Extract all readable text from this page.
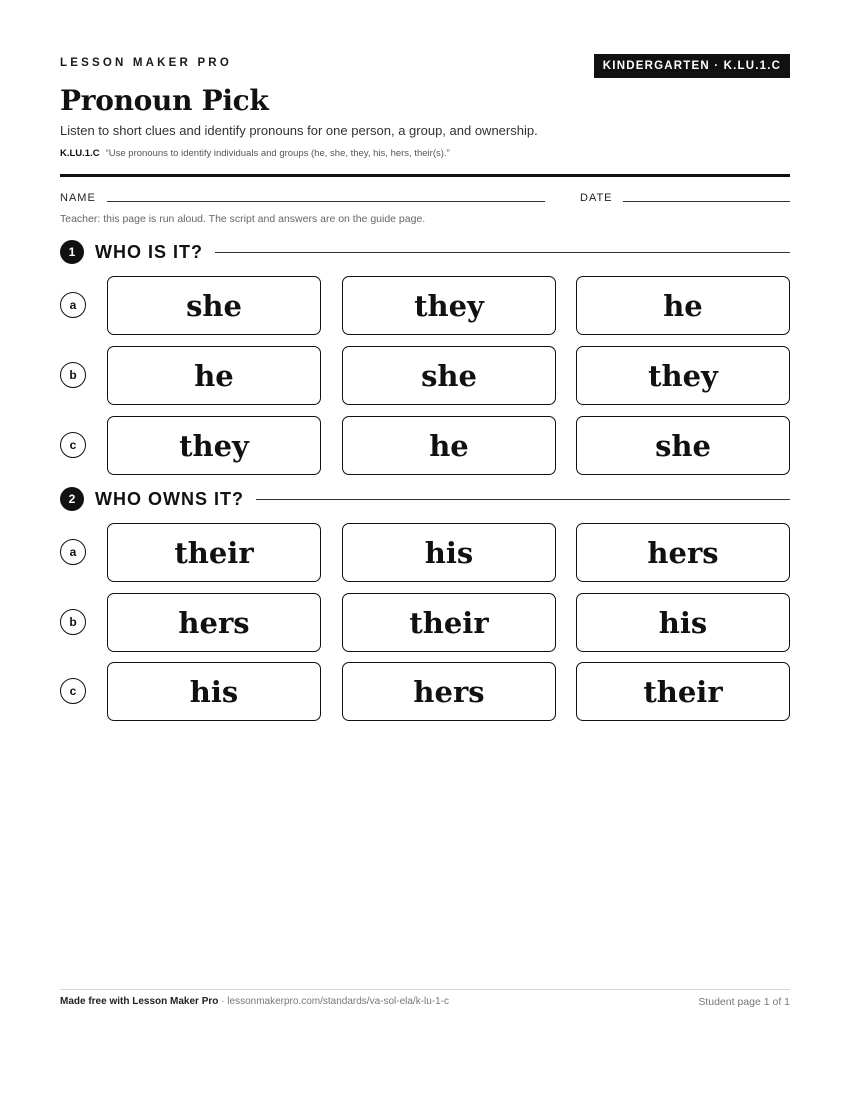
LESSON MAKER PRO	KINDERGARTEN · K.LU.1.C
Pronoun Pick
Listen to short clues and identify pronouns for one person, a group, and ownership.
K.LU.1.C “Use pronouns to identify individuals and groups (he, she, they, his, hers, their(s).”
NAME	DATE
Teacher: this page is run aloud. The script and answers are on the guide page.
1	WHO IS IT?
a	she	they	he
b	he	she	they
c	they	he	she
2	WHO OWNS IT?
a	their	his	hers
b	hers	their	his
c	his	hers	their
Made free with Lesson Maker Pro · lessonmakerpro.com/standards/va-sol-ela/k-lu-1-c	Student page 1 of 1
